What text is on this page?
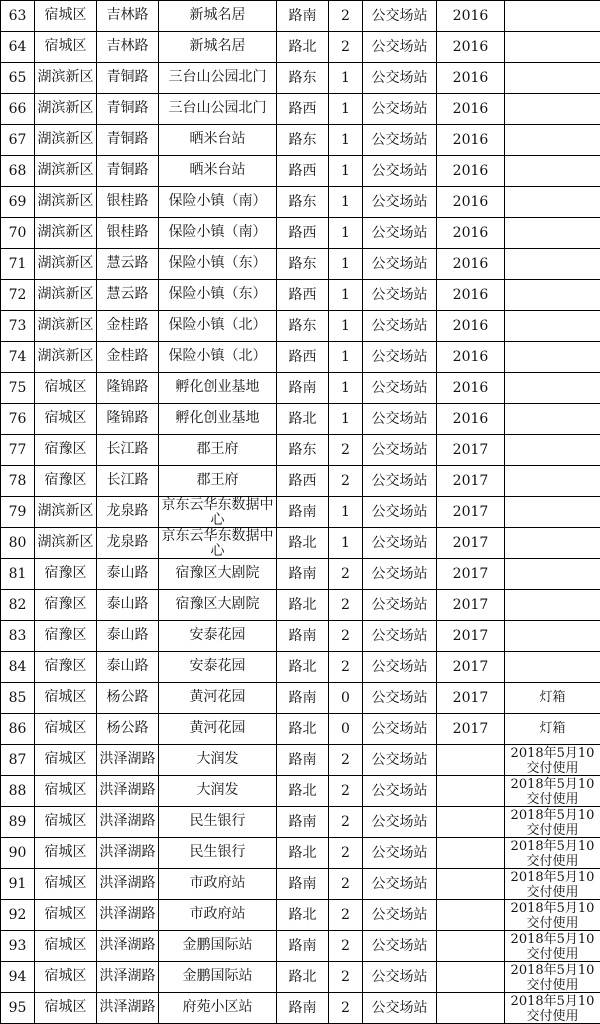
63	宿城区	吉林路	新城名居	路南	2	公交场站	2016	

64	宿城区	吉林路	新城名居	路北	2	公交场站	2016	

65	湖滨新区	青铜路	三台山公园北门	路东	1	公交场站	2016	

66	湖滨新区	青铜路	三台山公园北门	路西	1	公交场站	2016	

67	湖滨新区	青铜路	晒米台站	路东	1	公交场站	2016	

68	湖滨新区	青铜路	晒米台站	路西	1	公交场站	2016	

69	湖滨新区	银桂路	保险小镇（南）	路东	1	公交场站	2016	

70	湖滨新区	银桂路	保险小镇（南）	路西	1	公交场站	2016	

71	湖滨新区	慧云路	保险小镇（东）	路东	1	公交场站	2016	

72	湖滨新区	慧云路	保险小镇（东）	路西	1	公交场站	2016	

73	湖滨新区	金桂路	保险小镇（北）	路东	1	公交场站	2016	

74	湖滨新区	金桂路	保险小镇（北）	路西	1	公交场站	2016	

75	宿城区	隆锦路	孵化创业基地	路南	1	公交场站	2016	

76	宿城区	隆锦路	孵化创业基地	路北	1	公交场站	2016	

77	宿豫区	长江路	郡王府	路东	2	公交场站	2017	

78	宿豫区	长江路	郡王府	路西	2	公交场站	2017	

79	湖滨新区	龙泉路	京东云华东数据中心	路南	1	公交场站	2017	

80	湖滨新区	龙泉路	京东云华东数据中心	路北	1	公交场站	2017	

81	宿豫区	泰山路	宿豫区大剧院	路南	2	公交场站	2017	

82	宿豫区	泰山路	宿豫区大剧院	路北	2	公交场站	2017	

83	宿豫区	泰山路	安泰花园	路南	2	公交场站	2017	

84	宿豫区	泰山路	安泰花园	路北	2	公交场站	2017	

85	宿城区	杨公路	黄河花园	路南	0	公交场站	2017	灯箱

86	宿城区	杨公路	黄河花园	路北	0	公交场站	2017	灯箱

87	宿城区	洪泽湖路	大润发	路南	2	公交场站		2018年5月10交付使用

88	宿城区	洪泽湖路	大润发	路北	2	公交场站		2018年5月10交付使用

89	宿城区	洪泽湖路	民生银行	路南	2	公交场站		2018年5月10交付使用

90	宿城区	洪泽湖路	民生银行	路北	2	公交场站		2018年5月10交付使用

91	宿城区	洪泽湖路	市政府站	路南	2	公交场站		2018年5月10交付使用

92	宿城区	洪泽湖路	市政府站	路北	2	公交场站		2018年5月10交付使用

93	宿城区	洪泽湖路	金鹏国际站	路南	2	公交场站		2018年5月10交付使用

94	宿城区	洪泽湖路	金鹏国际站	路北	2	公交场站		2018年5月10交付使用

95	宿城区	洪泽湖路	府苑小区站	路南	2	公交场站		2018年5月10交付使用
